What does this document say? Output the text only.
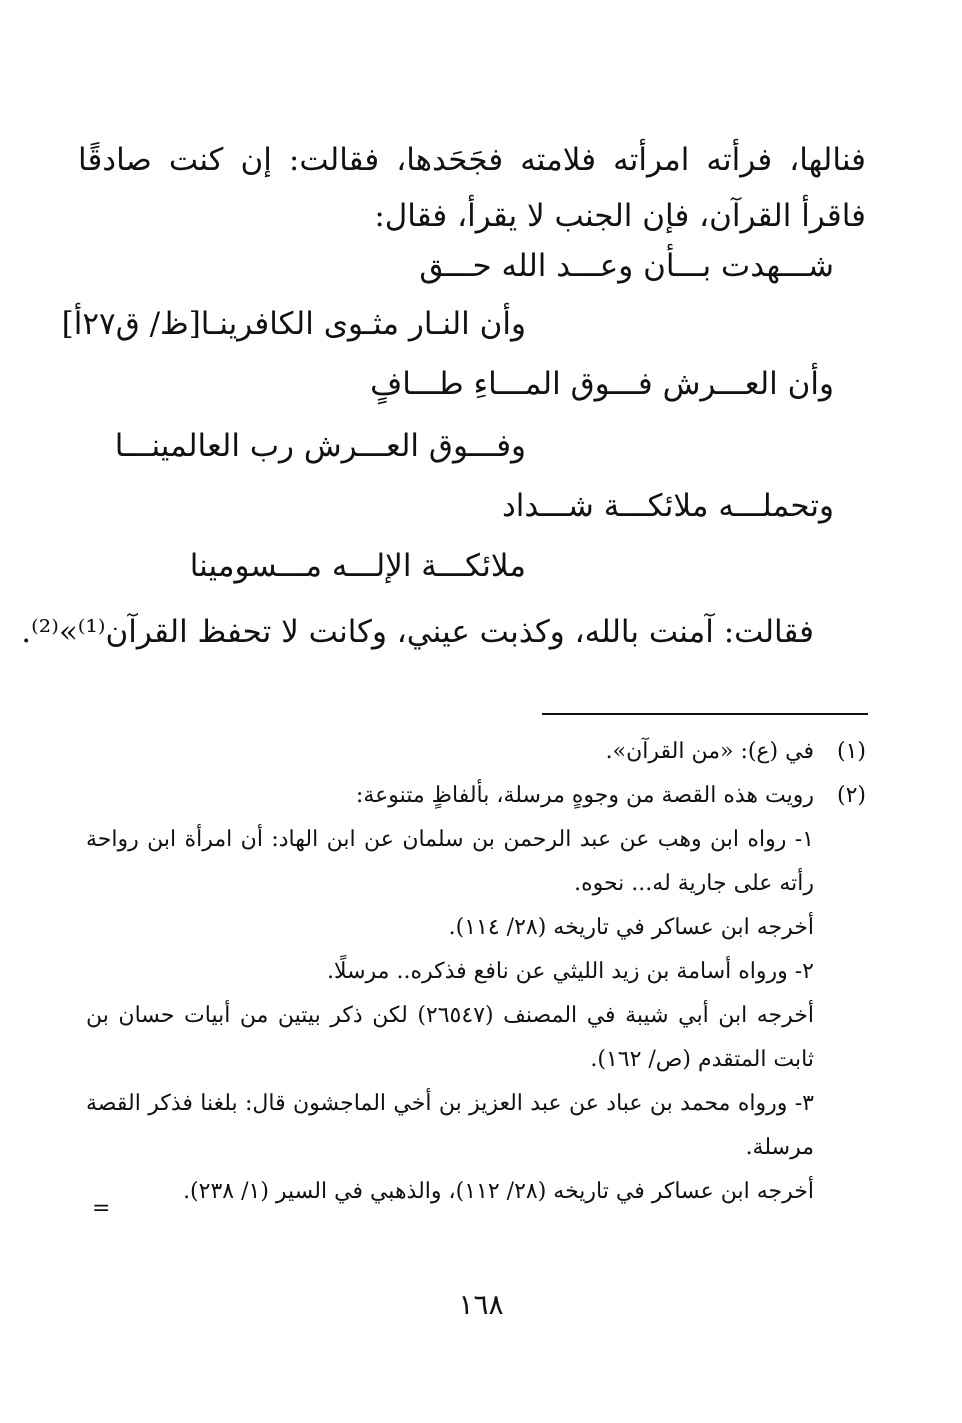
فنالها، فرأته امرأته فلامته فجَحَدها، فقالت: إن كنت صادقًا فاقرأ القرآن، فإن الجنب لا يقرأ، فقال:

شـــهدت بـــأن وعـــد الله حـــق
وأن النـار مثـوى الكافرينـا[ظ/ ق٢٧أ]
وأن العـــرش فـــوق المـــاءِ طـــافٍ
وفـــوق العـــرش رب العالمينـــا
وتحملـــه ملائكـــة شـــداد
ملائكـــة الإلـــه مـــسومينا
فقالت: آمنت بالله، وكذبت عيني، وكانت لا تحفظ القرآن⁽¹⁾»⁽²⁾.
(١)
في (ع): «من القرآن».
(٢)
رويت هذه القصة من وجوهٍ مرسلة، بألفاظٍ متنوعة:

١- رواه ابن وهب عن عبد الرحمن بن سلمان عن ابن الهاد: أن امرأة ابن رواحة رأته على جارية له... نحوه.

أخرجه ابن عساكر في تاريخه (٢٨/ ١١٤).

٢- ورواه أسامة بن زيد الليثي عن نافع فذكره.. مرسلًا.

أخرجه ابن أبي شيبة في المصنف (٢٦٥٤٧) لكن ذكر بيتين من أبيات حسان بن ثابت المتقدم (ص/ ١٦٢).

٣- ورواه محمد بن عباد عن عبد العزيز بن أخي الماجشون قال: بلغنا فذكر القصة مرسلة.

أخرجه ابن عساكر في تاريخه (٢٨/ ١١٢)، والذهبي في السير (١/ ٢٣٨).

=
١٦٨
